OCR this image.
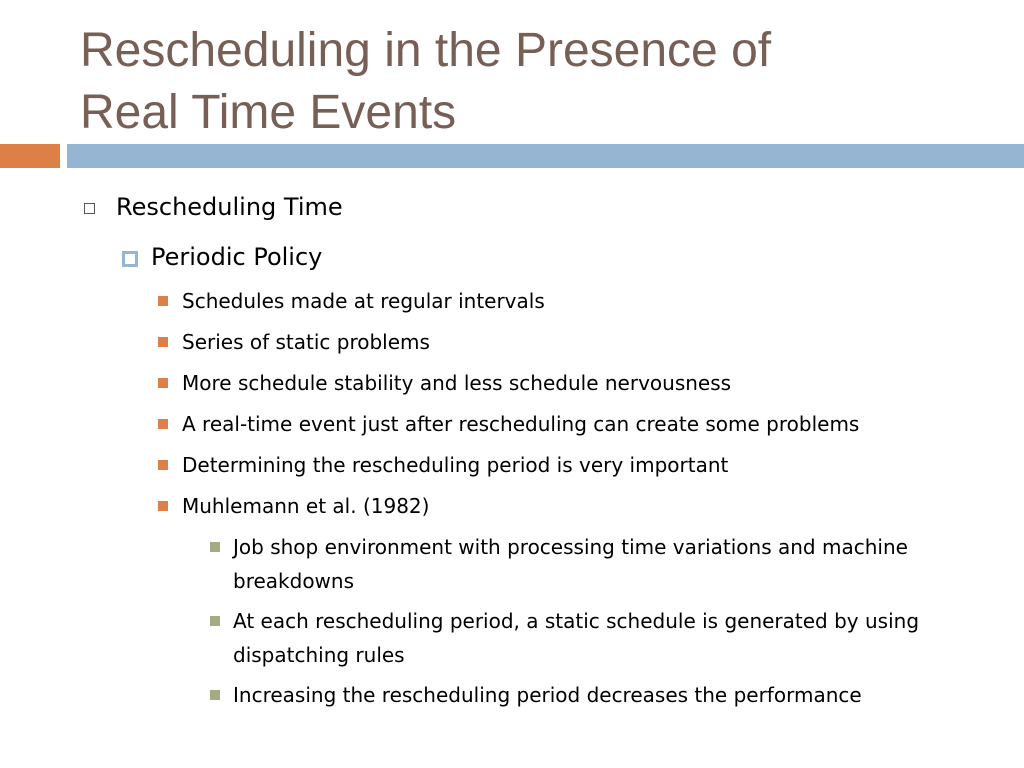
Rescheduling in the Presence of
Real Time Events
Rescheduling Time
Periodic Policy
Schedules made at regular intervals
Series of static problems
More schedule stability and less schedule nervousness
A real-time event just after rescheduling can create some problems
Determining the rescheduling period is very important
Muhlemann et al. (1982)
Job shop environment with processing time variations and machine breakdowns
At each rescheduling period, a static schedule is generated by using dispatching rules
Increasing the rescheduling period decreases the performance
